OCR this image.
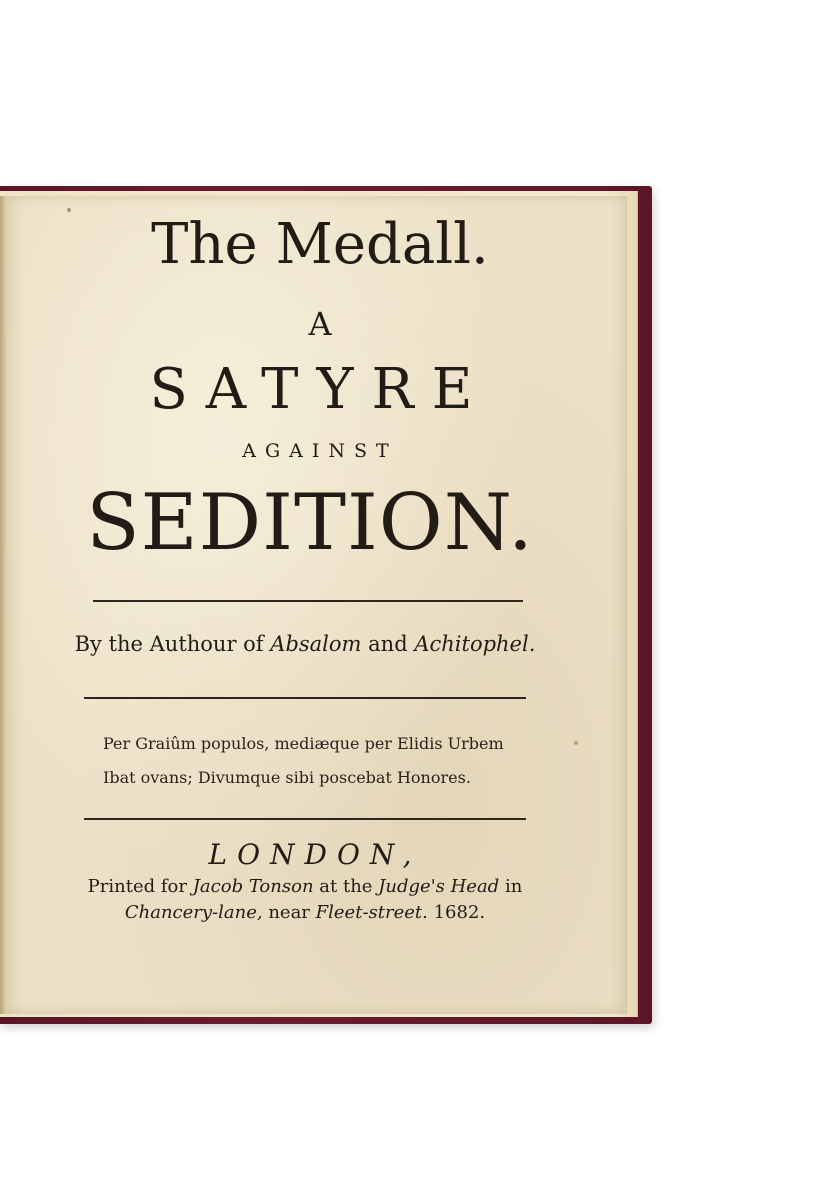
The Medall.
A
SATYRE
AGAINST
SEDITION.
By the Authour of Absalom and Achitophel.
Per Graiûm populos, mediæque per Elidis Urbem
Ibat ovans; Divumque sibi poscebat Honores.
LONDON,
Printed for Jacob Tonson at the Judge's Head in
Chancery-lane, near Fleet-street. 1682.
